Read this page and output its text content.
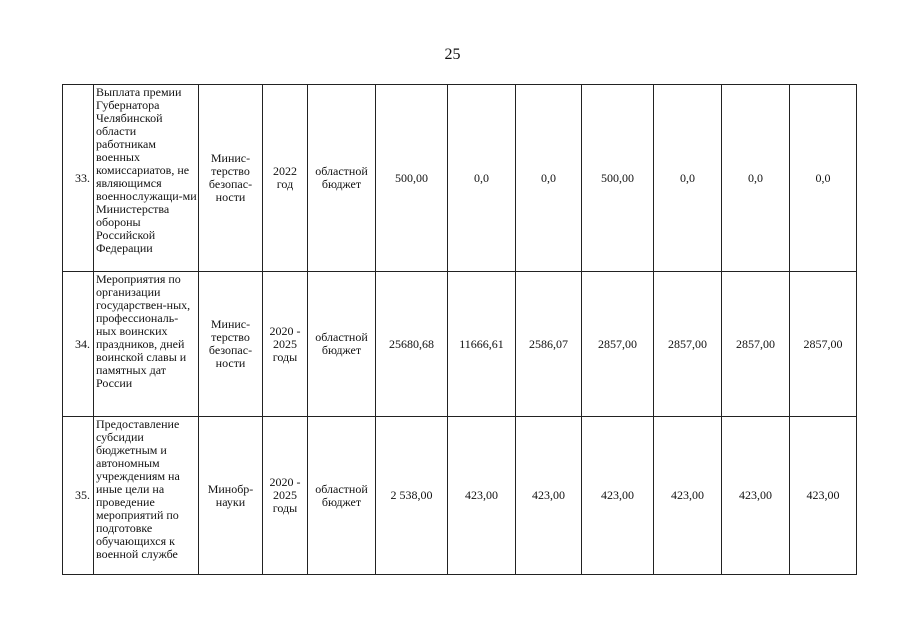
25
33.	Выплата премии Губернатора Челябинской области работникам военных комиссариатов, не являющимся военнослужащи-ми Министерства обороны Российской Федерации	Минис-терство безопас-ности	2022 год	областной бюджет	500,00	0,0	0,0	500,00	0,0	0,0	0,0
34.	Мероприятия по организации государствен-ных, профессиональ-ных воинских праздников, дней воинской славы и памятных дат России	Минис-терство безопас-ности	2020 - 2025 годы	областной бюджет	25680,68	11666,61	2586,07	2857,00	2857,00	2857,00	2857,00
35.	Предоставление субсидии бюджетным и автономным учреждениям на иные цели на проведение мероприятий по подготовке обучающихся к военной службе	Минобр-науки	2020 - 2025 годы	областной бюджет	2 538,00	423,00	423,00	423,00	423,00	423,00	423,00
